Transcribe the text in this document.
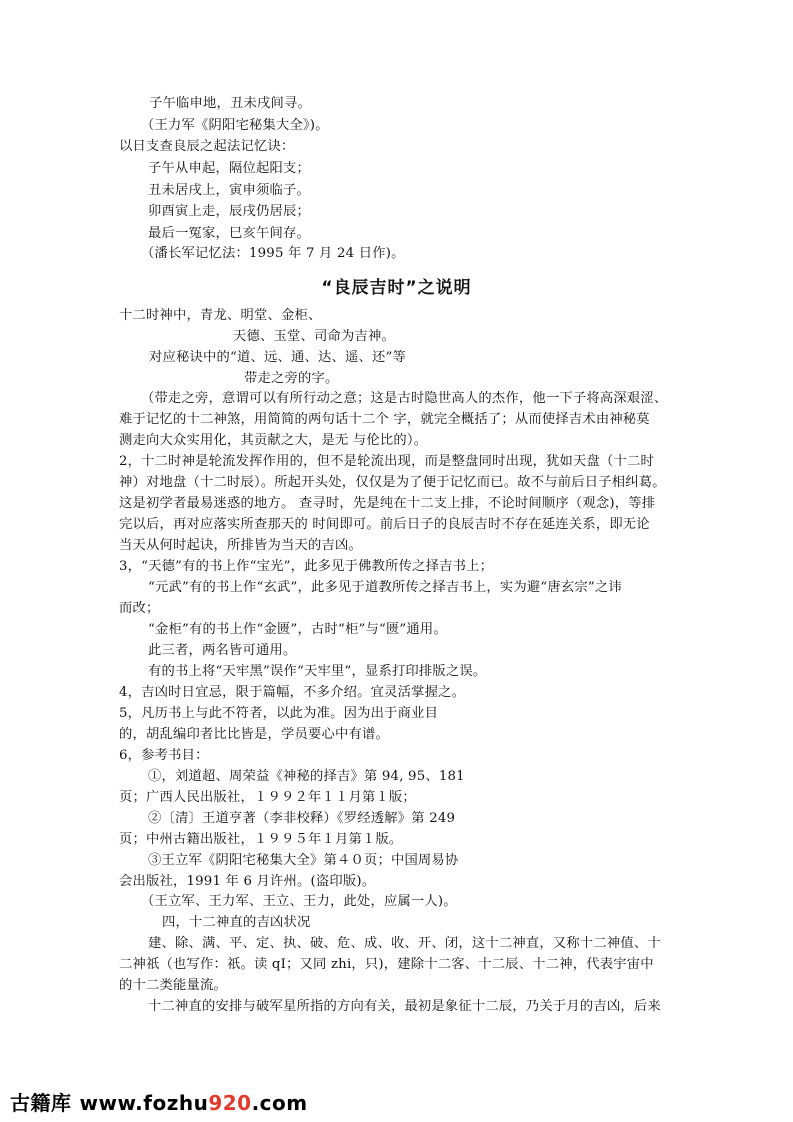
子午临申地，丑未戌间寻。
（王力军《阴阳宅秘集大全》)。
以日支查良辰之起法记忆诀：
子午从申起，隔位起阳支；
丑未居戌上，寅申须临子。
卯酉寅上走，辰戌仍居辰；
最后一冤家，巳亥午间存。
（潘长军记忆法：1995 年 7 月 24 日作)。
“良辰吉时”之说明
十二时神中，青龙、明堂、金柜、
天德、玉堂、司命为吉神。
对应秘诀中的“道、远、通、达、遥、还”等
带走之旁的字。
（带走之旁，意谓可以有所行动之意；这是古时隐世高人的杰作，他一下子将高深艰涩、
难于记忆的十二神煞，用简简的两句话十二个 字，就完全概括了；从而使择吉术由神秘莫
测走向大众实用化，其贡献之大，是无 与伦比的）。
2，十二时神是轮流发挥作用的，但不是轮流出现，而是整盘同时出现，犹如天盘（十二时
神）对地盘（十二时辰）。所起开头处，仅仅是为了便于记忆而已。故不与前后日子相纠葛。
这是初学者最易迷惑的地方。 查寻时，先是纯在十二支上排，不论时间顺序（观念)，等排
完以后，再对应落实所查那天的 时间即可。前后日子的良辰吉时不存在延连关系，即无论
当天从何时起诀，所排皆为当天的吉凶。
3，“天德”有的书上作“宝光”，此多见于佛教所传之择吉书上；
“元武”有的书上作“玄武”，此多见于道教所传之择吉书上，实为避“唐玄宗”之讳
而改；
“金柜”有的书上作“金匮”，古时“柜”与“匮”通用。
此三者，两名皆可通用。
有的书上将“天牢黑”误作“天牢里”，显系打印排版之误。
4，吉凶时日宜忌，限于篇幅，不多介绍。宜灵活掌握之。
5，凡历书上与此不符者，以此为准。因为出于商业目
的，胡乱编印者比比皆是，学员要心中有谱。
6，参考书目：
①，刘道超、周荣益《神秘的择吉》第 94, 95、181
页；广西人民出版社，１９９２年１１月第１版；
②〔清〕王道亨著（李非校释）《罗经透解》第 249
页；中州古籍出版社，１９９５年１月第１版。
③王立军《阴阳宅秘集大全》第４０页；中国周易协
会出版社，1991 年 6 月许州。(盗印版)。
（王立军、王力军、王立、王力，此处，应属一人)。
四，十二神直的吉凶状况
建、除、满、平、定、执、破、危、成、收、开、闭，这十二神直，又称十二神值、十
二神祇（也写作：祇。读 qI；又同 zhi，只)，建除十二客、十二辰、十二神，代表宇宙中
的十二类能量流。
十二神直的安排与破军星所指的方向有关，最初是象征十二辰，乃关于月的吉凶，后来
古籍库 www.fozhu920.com
